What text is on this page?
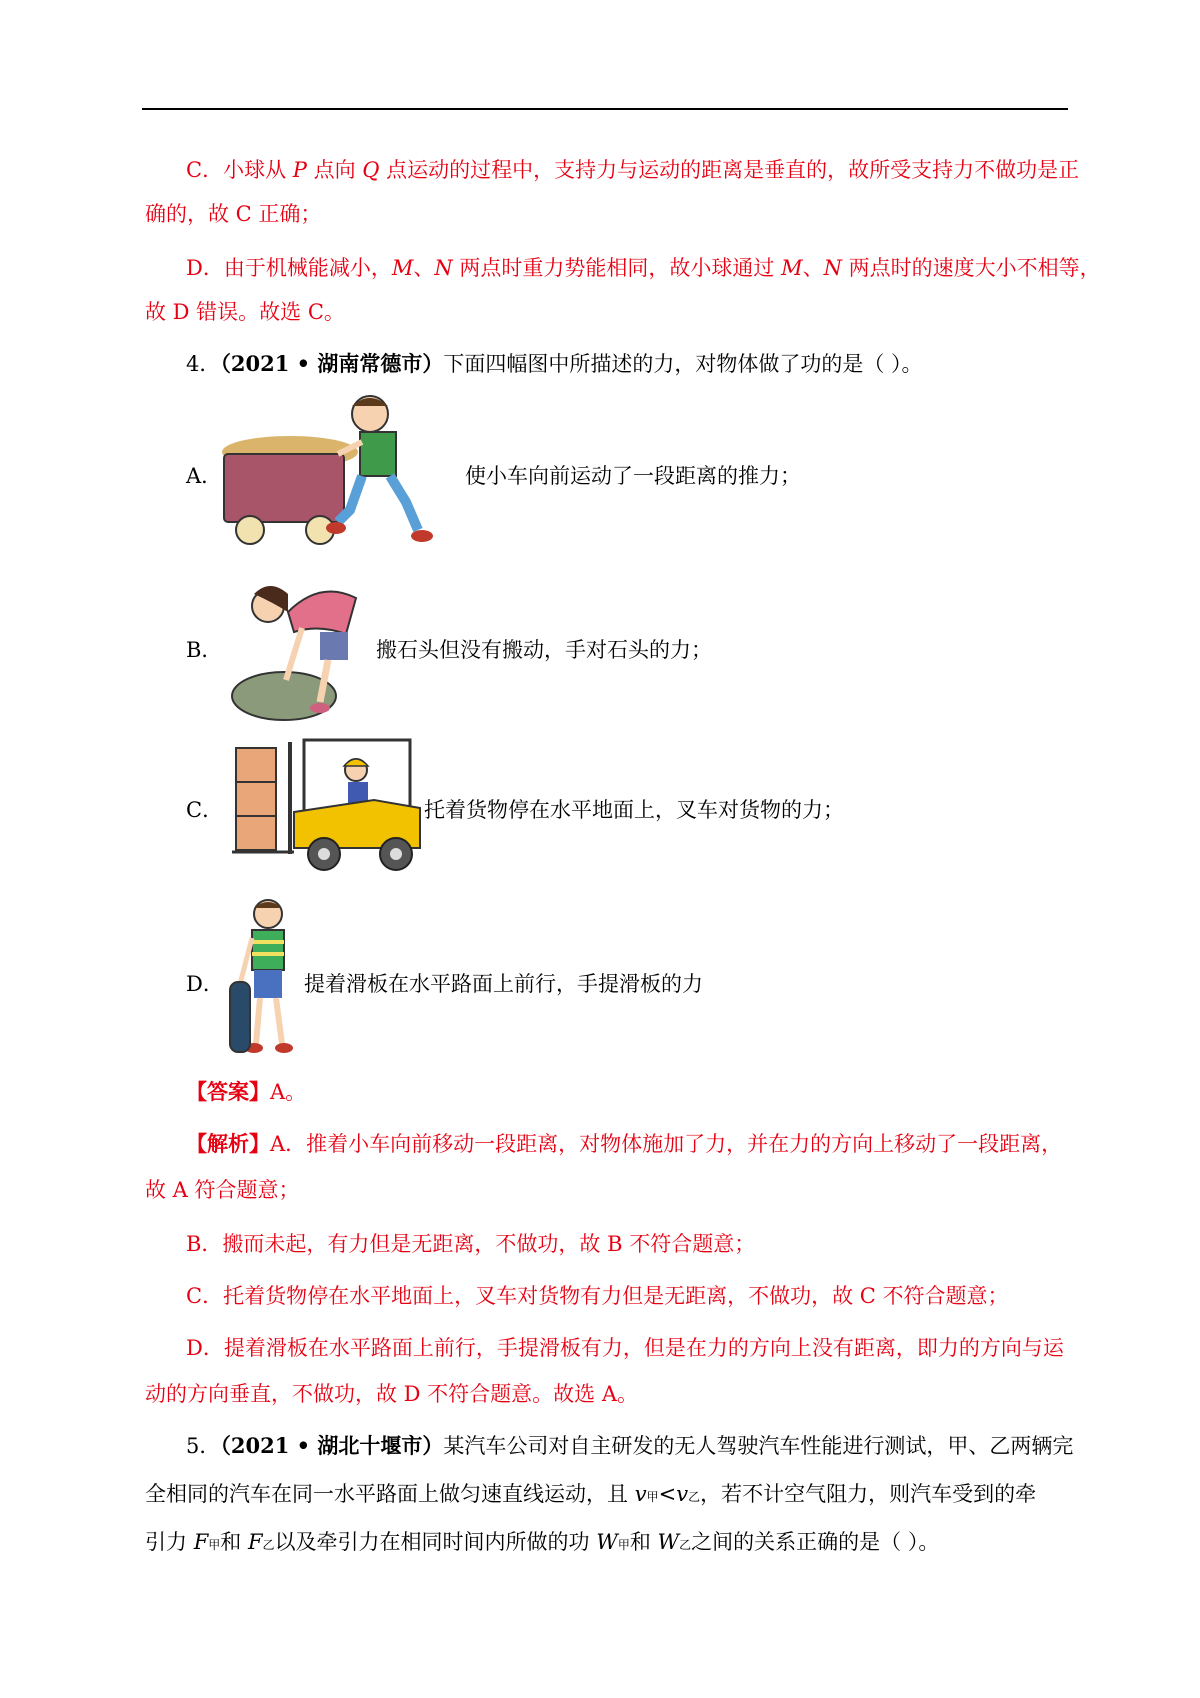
C．小球从 P 点向 Q 点运动的过程中，支持力与运动的距离是垂直的，故所受支持力不做功是正
确的，故 C 正确；
D．由于机械能减小，M、N 两点时重力势能相同，故小球通过 M、N 两点时的速度大小不相等，
故 D 错误。故选 C。
4．（2021 • 湖南常德市）下面四幅图中所描述的力，对物体做了功的是（ ）。
A．	使小车向前运动了一段距离的推力；
B．	搬石头但没有搬动，手对石头的力；
C．	托着货物停在水平地面上，叉车对货物的力；
D．	提着滑板在水平路面上前行，手提滑板的力
【答案】A。
【解析】A．推着小车向前移动一段距离，对物体施加了力，并在力的方向上移动了一段距离，
故 A 符合题意；
B．搬而未起，有力但是无距离，不做功，故 B 不符合题意；
C．托着货物停在水平地面上，叉车对货物有力但是无距离，不做功，故 C 不符合题意；
D．提着滑板在水平路面上前行，手提滑板有力，但是在力的方向上没有距离，即力的方向与运
动的方向垂直，不做功，故 D 不符合题意。故选 A。
5．（2021 • 湖北十堰市）某汽车公司对自主研发的无人驾驶汽车性能进行测试，甲、乙两辆完
全相同的汽车在同一水平路面上做匀速直线运动，且 v甲<v乙，若不计空气阻力，则汽车受到的牵
引力 F甲和 F乙以及牵引力在相同时间内所做的功 W甲和 W乙之间的关系正确的是（ ）。
